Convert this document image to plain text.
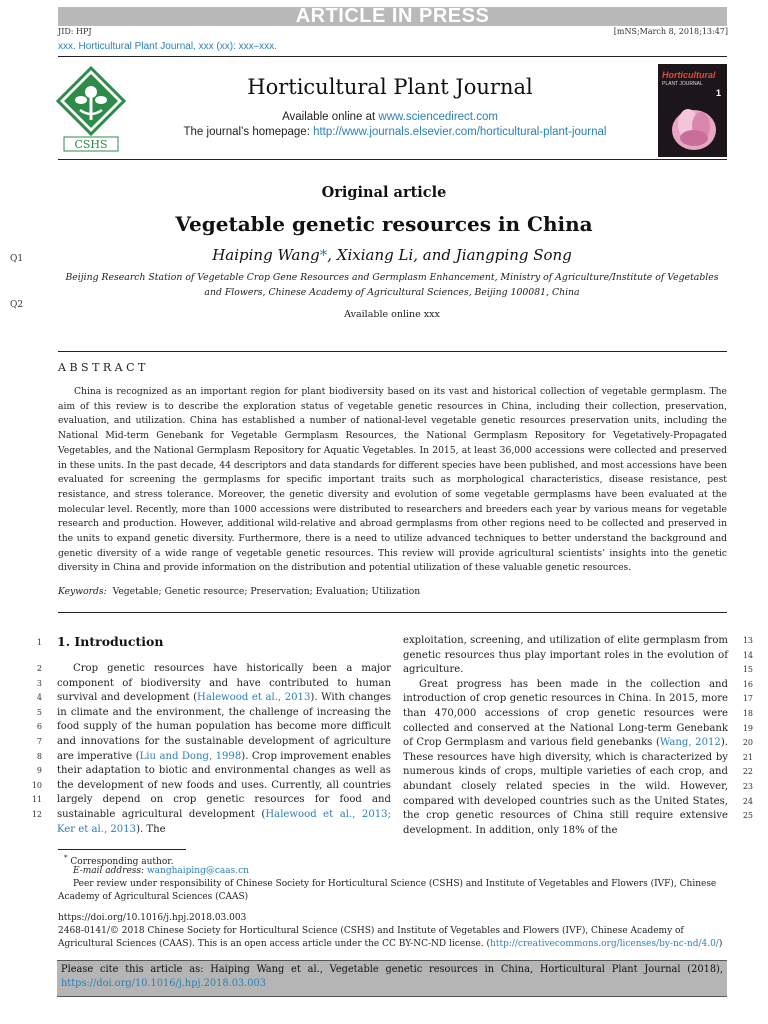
ARTICLE IN PRESS
JID: HPJ	[mNS;March 8, 2018;13:47]
xxx. Horticultural Plant Journal, xxx (xx): xxx–xxx.
CSHS
Horticultural Plant Journal
Available online at www.sciencedirect.com
The journal’s homepage: http://www.journals.elsevier.com/horticultural-plant-journal
Horticultural
PLANT JOURNAL
1
Original article
Vegetable genetic resources in China
Haiping Wang*, Xixiang Li, and Jiangping Song
Q1
Beijing Research Station of Vegetable Crop Gene Resources and Germplasm Enhancement, Ministry of Agriculture/Institute of Vegetables and Flowers, Chinese Academy of Agricultural Sciences, Beijing 100081, China
Q2
Available online xxx
ABSTRACT
China is recognized as an important region for plant biodiversity based on its vast and historical collection of vegetable germplasm. The aim of this review is to describe the exploration status of vegetable genetic resources in China, including their collection, preservation, evaluation, and utilization. China has established a number of national-level vegetable genetic resources preservation units, including the National Mid-term Genebank for Vegetable Germplasm Resources, the National Germplasm Repository for Vegetatively-Propagated Vegetables, and the National Germplasm Repository for Aquatic Vegetables. In 2015, at least 36,000 accessions were collected and preserved in these units. In the past decade, 44 descriptors and data standards for different species have been published, and most accessions have been evaluated for screening the germplasms for specific important traits such as morphological characteristics, disease resistance, pest resistance, and stress tolerance. Moreover, the genetic diversity and evolution of some vegetable germplasms have been evaluated at the molecular level. Recently, more than 1000 accessions were distributed to researchers and breeders each year by various means for vegetable research and production. However, additional wild-relative and abroad germplasms from other regions need to be collected and preserved in the units to expand genetic diversity. Furthermore, there is a need to utilize advanced techniques to better understand the background and genetic diversity of a wide range of vegetable genetic resources. This review will provide agricultural scientists’ insights into the genetic diversity in China and provide information on the distribution and potential utilization of these valuable genetic resources.
Keywords: Vegetable; Genetic resource; Preservation; Evaluation; Utilization
1. Introduction

Crop genetic resources have historically been a major component of biodiversity and have contributed to human survival and development (Halewood et al., 2013). With changes in climate and the environment, the challenge of increasing the food supply of the human population has become more difficult and innovations for the sustainable development of agriculture are imperative (Liu and Dong, 1998). Crop improvement enables their adaptation to biotic and environmental changes as well as the development of new foods and uses. Currently, all countries largely depend on crop genetic resources for food and sustainable agricultural development (Halewood et al., 2013; Ker et al., 2013). The

exploitation, screening, and utilization of elite germplasm from genetic resources thus play important roles in the evolution of agriculture.

Great progress has been made in the collection and introduction of crop genetic resources in China. In 2015, more than 470,000 accessions of crop genetic resources were collected and conserved at the National Long-term Genebank of Crop Germplasm and various field genebanks (Wang, 2012). These resources have high diversity, which is characterized by numerous kinds of crops, multiple varieties of each crop, and abundant closely related species in the wild. However, compared with developed countries such as the United States, the crop genetic resources of China still require extensive development. In addition, only 18% of the

1
2
3
4
5
6
7
8
9
10
11
12
13
14
15
16
17
18
19
20
21
22
23
24
25
* Corresponding author.
E-mail address: wanghaiping@caas.cn
Peer review under responsibility of Chinese Society for Horticultural Science (CSHS) and Institute of Vegetables and Flowers (IVF), Chinese Academy of Agricultural Sciences (CAAS)
https://doi.org/10.1016/j.hpj.2018.03.003
2468-0141/© 2018 Chinese Society for Horticultural Science (CSHS) and Institute of Vegetables and Flowers (IVF), Chinese Academy of Agricultural Sciences (CAAS). This is an open access article under the CC BY-NC-ND license. (http://creativecommons.org/licenses/by-nc-nd/4.0/)
Please cite this article as: Haiping Wang et al., Vegetable genetic resources in China, Horticultural Plant Journal (2018), https://doi.org/10.1016/j.hpj.2018.03.003
